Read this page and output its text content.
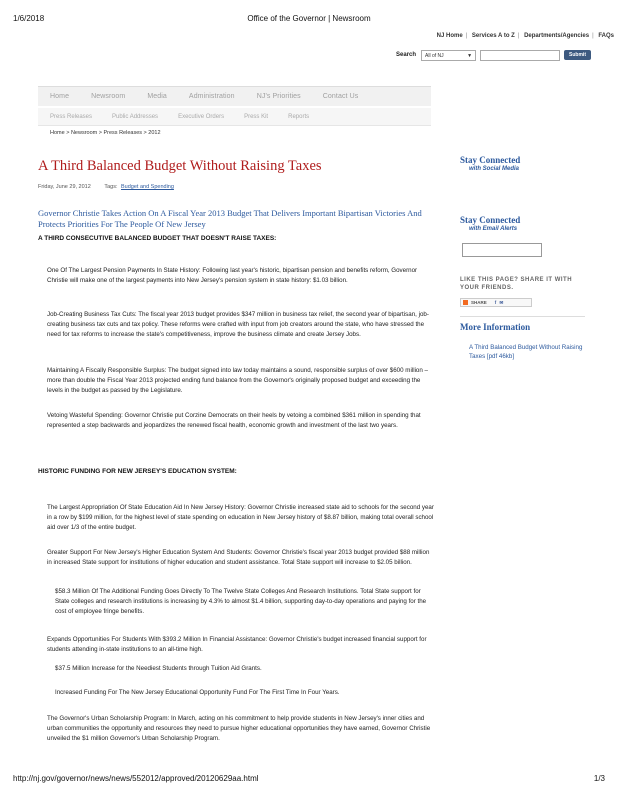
1/6/2018	Office of the Governor | Newsroom
NJ Home | Services A to Z | Departments/Agencies | FAQs
Search All of NJ	▼	Submit
Home	Newsroom	Media	Administration	NJ's Priorities	Contact Us
Press Releases	Public Addresses	Executive Orders	Press Kit	Reports
Home > Newsroom > Press Releases > 2012
A Third Balanced Budget Without Raising Taxes
Friday, June 29, 2012 Tags: Budget and Spending
Governor Christie Takes Action On A Fiscal Year 2013 Budget That Delivers Important Bipartisan Victories And Protects Priorities For The People Of New Jersey
A THIRD CONSECUTIVE BALANCED BUDGET THAT DOESN'T RAISE TAXES:
One Of The Largest Pension Payments In State History: Following last year's historic, bipartisan pension and benefits reform, Governor Christie will make one of the largest payments into New Jersey's pension system in state history: $1.03 billion.
Job-Creating Business Tax Cuts: The fiscal year 2013 budget provides $347 million in business tax relief, the second year of bipartisan, job-creating business tax cuts and tax policy. These reforms were crafted with input from job creators around the state, who have stressed the need for tax reforms to increase the state's competitiveness, improve the business climate and create Jersey Jobs.
Maintaining A Fiscally Responsible Surplus: The budget signed into law today maintains a sound, responsible surplus of over $600 million – more than double the Fiscal Year 2013 projected ending fund balance from the Governor's originally proposed budget and exceeding the levels in the budget as passed by the Legislature.
Vetoing Wasteful Spending: Governor Christie put Corzine Democrats on their heels by vetoing a combined $361 million in spending that represented a step backwards and jeopardizes the renewed fiscal health, economic growth and investment of the last two years.
HISTORIC FUNDING FOR NEW JERSEY'S EDUCATION SYSTEM:
The Largest Appropriation Of State Education Aid In New Jersey History: Governor Christie increased state aid to schools for the second year in a row by $199 million, for the highest level of state spending on education in New Jersey history of $8.87 billion, making total overall school aid over 1/3 of the entire budget.
Greater Support For New Jersey's Higher Education System And Students: Governor Christie's fiscal year 2013 budget provided $88 million in increased State support for institutions of higher education and student assistance. Total State support will increase to $2.05 billion.
$58.3 Million Of The Additional Funding Goes Directly To The Twelve State Colleges And Research Institutions. Total State support for State colleges and research institutions is increasing by 4.3% to almost $1.4 billion, supporting day-to-day operations and paying for the cost of employee fringe benefits.
Expands Opportunities For Students With $393.2 Million In Financial Assistance: Governor Christie's budget increased financial support for students attending in-state institutions to an all-time high.
$37.5 Million Increase for the Neediest Students through Tuition Aid Grants.
Increased Funding For The New Jersey Educational Opportunity Fund For The First Time In Four Years.
The Governor's Urban Scholarship Program: In March, acting on his commitment to help provide students in New Jersey's inner cities and urban communities the opportunity and resources they need to pursue higher educational opportunities they have earned, Governor Christie unveiled the $1 million Governor's Urban Scholarship Program.
Stay Connected
with Social Media
Stay Connected
with Email Alerts
LIKE THIS PAGE? SHARE IT WITH YOUR FRIENDS.
SHARE f ✉
More Information
A Third Balanced Budget Without Raising Taxes [pdf 46kb]
http://nj.gov/governor/news/news/552012/approved/20120629aa.html	1/3
